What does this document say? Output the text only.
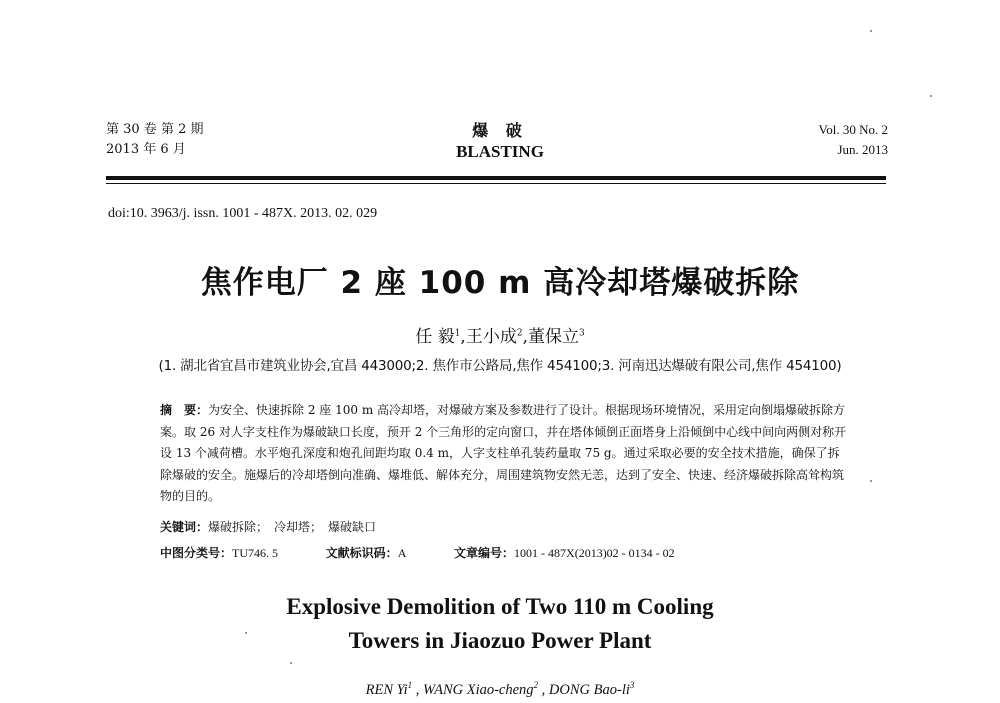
第 30 卷 第 2 期
2013 年 6 月
爆 破
BLASTING
Vol. 30 No. 2
Jun. 2013
doi:10. 3963/j. issn. 1001 - 487X. 2013. 02. 029
焦作电厂 2 座 100 m 高冷却塔爆破拆除
任 毅$^1$,王小成$^2$,董保立$^3$
(1. 湖北省宜昌市建筑业协会,宜昌 443000;2. 焦作市公路局,焦作 454100;3. 河南迅达爆破有限公司,焦作 454100)
摘　要：为安全、快速拆除 2 座 100 m 高冷却塔，对爆破方案及参数进行了设计。根据现场环境情况，采用定向倒塌爆破拆除方案。取 26 对人字支柱作为爆破缺口长度，预开 2 个三角形的定向窗口，并在塔体倾倒正面塔身上沿倾倒中心线中间向两侧对称开设 13 个减荷槽。水平炮孔深度和炮孔间距均取 0.4 m，人字支柱单孔装药量取 75 g。通过采取必要的安全技术措施，确保了拆除爆破的安全。施爆后的冷却塔倒向准确、爆堆低、解体充分，周围建筑物安然无恙，达到了安全、快速、经济爆破拆除高耸构筑物的目的。
关键词：爆破拆除；　冷却塔；　爆破缺口
中图分类号：TU746. 5	文献标识码：A	文章编号：1001 - 487X(2013)02 - 0134 - 02
Explosive Demolition of Two 110 m Cooling
Towers in Jiaozuo Power Plant
REN Yi$^1$ , WANG Xiao-cheng$^2$ , DONG Bao-$li^3$
